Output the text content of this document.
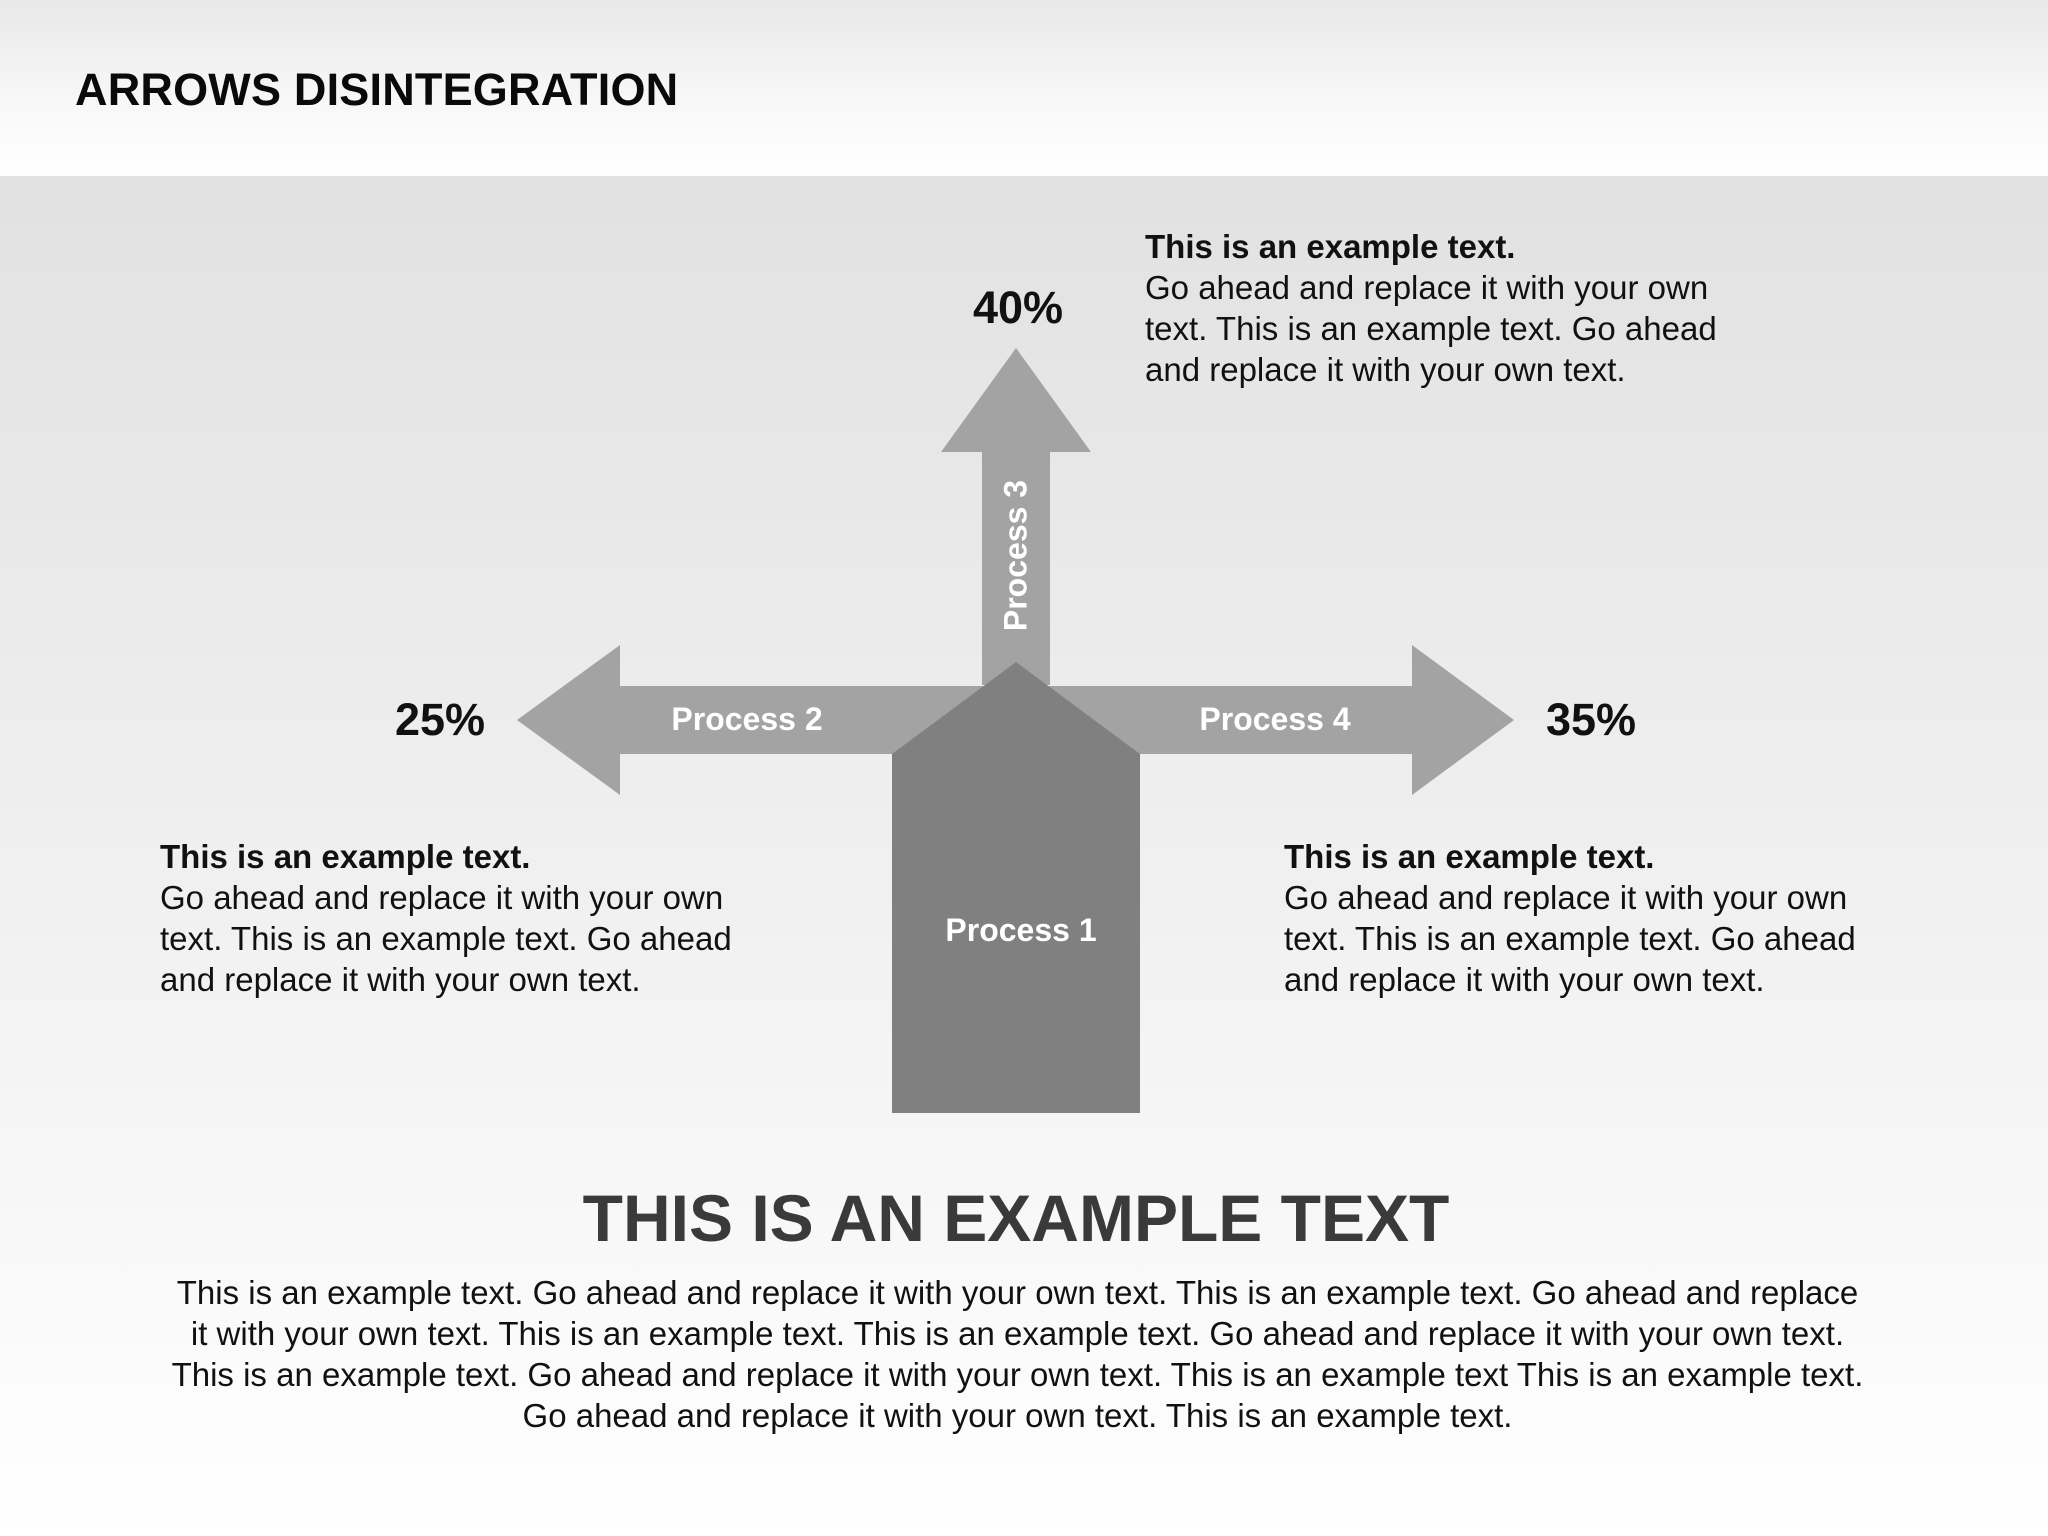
ARROWS DISINTEGRATION
Process 1
Process 2	Process 4
Process 3
40%
25%	35%
This is an example text.
Go ahead and replace it with your own text. This is an example text. Go ahead and replace it with your own text.
This is an example text.
Go ahead and replace it with your own text. This is an example text. Go ahead and replace it with your own text.
This is an example text.
Go ahead and replace it with your own text. This is an example text. Go ahead and replace it with your own text.
THIS IS AN EXAMPLE TEXT
This is an example text. Go ahead and replace it with your own text. This is an example text. Go ahead and replace it with your own text. This is an example text. This is an example text. Go ahead and replace it with your own text. This is an example text. Go ahead and replace it with your own text. This is an example text This is an example text. Go ahead and replace it with your own text. This is an example text.
